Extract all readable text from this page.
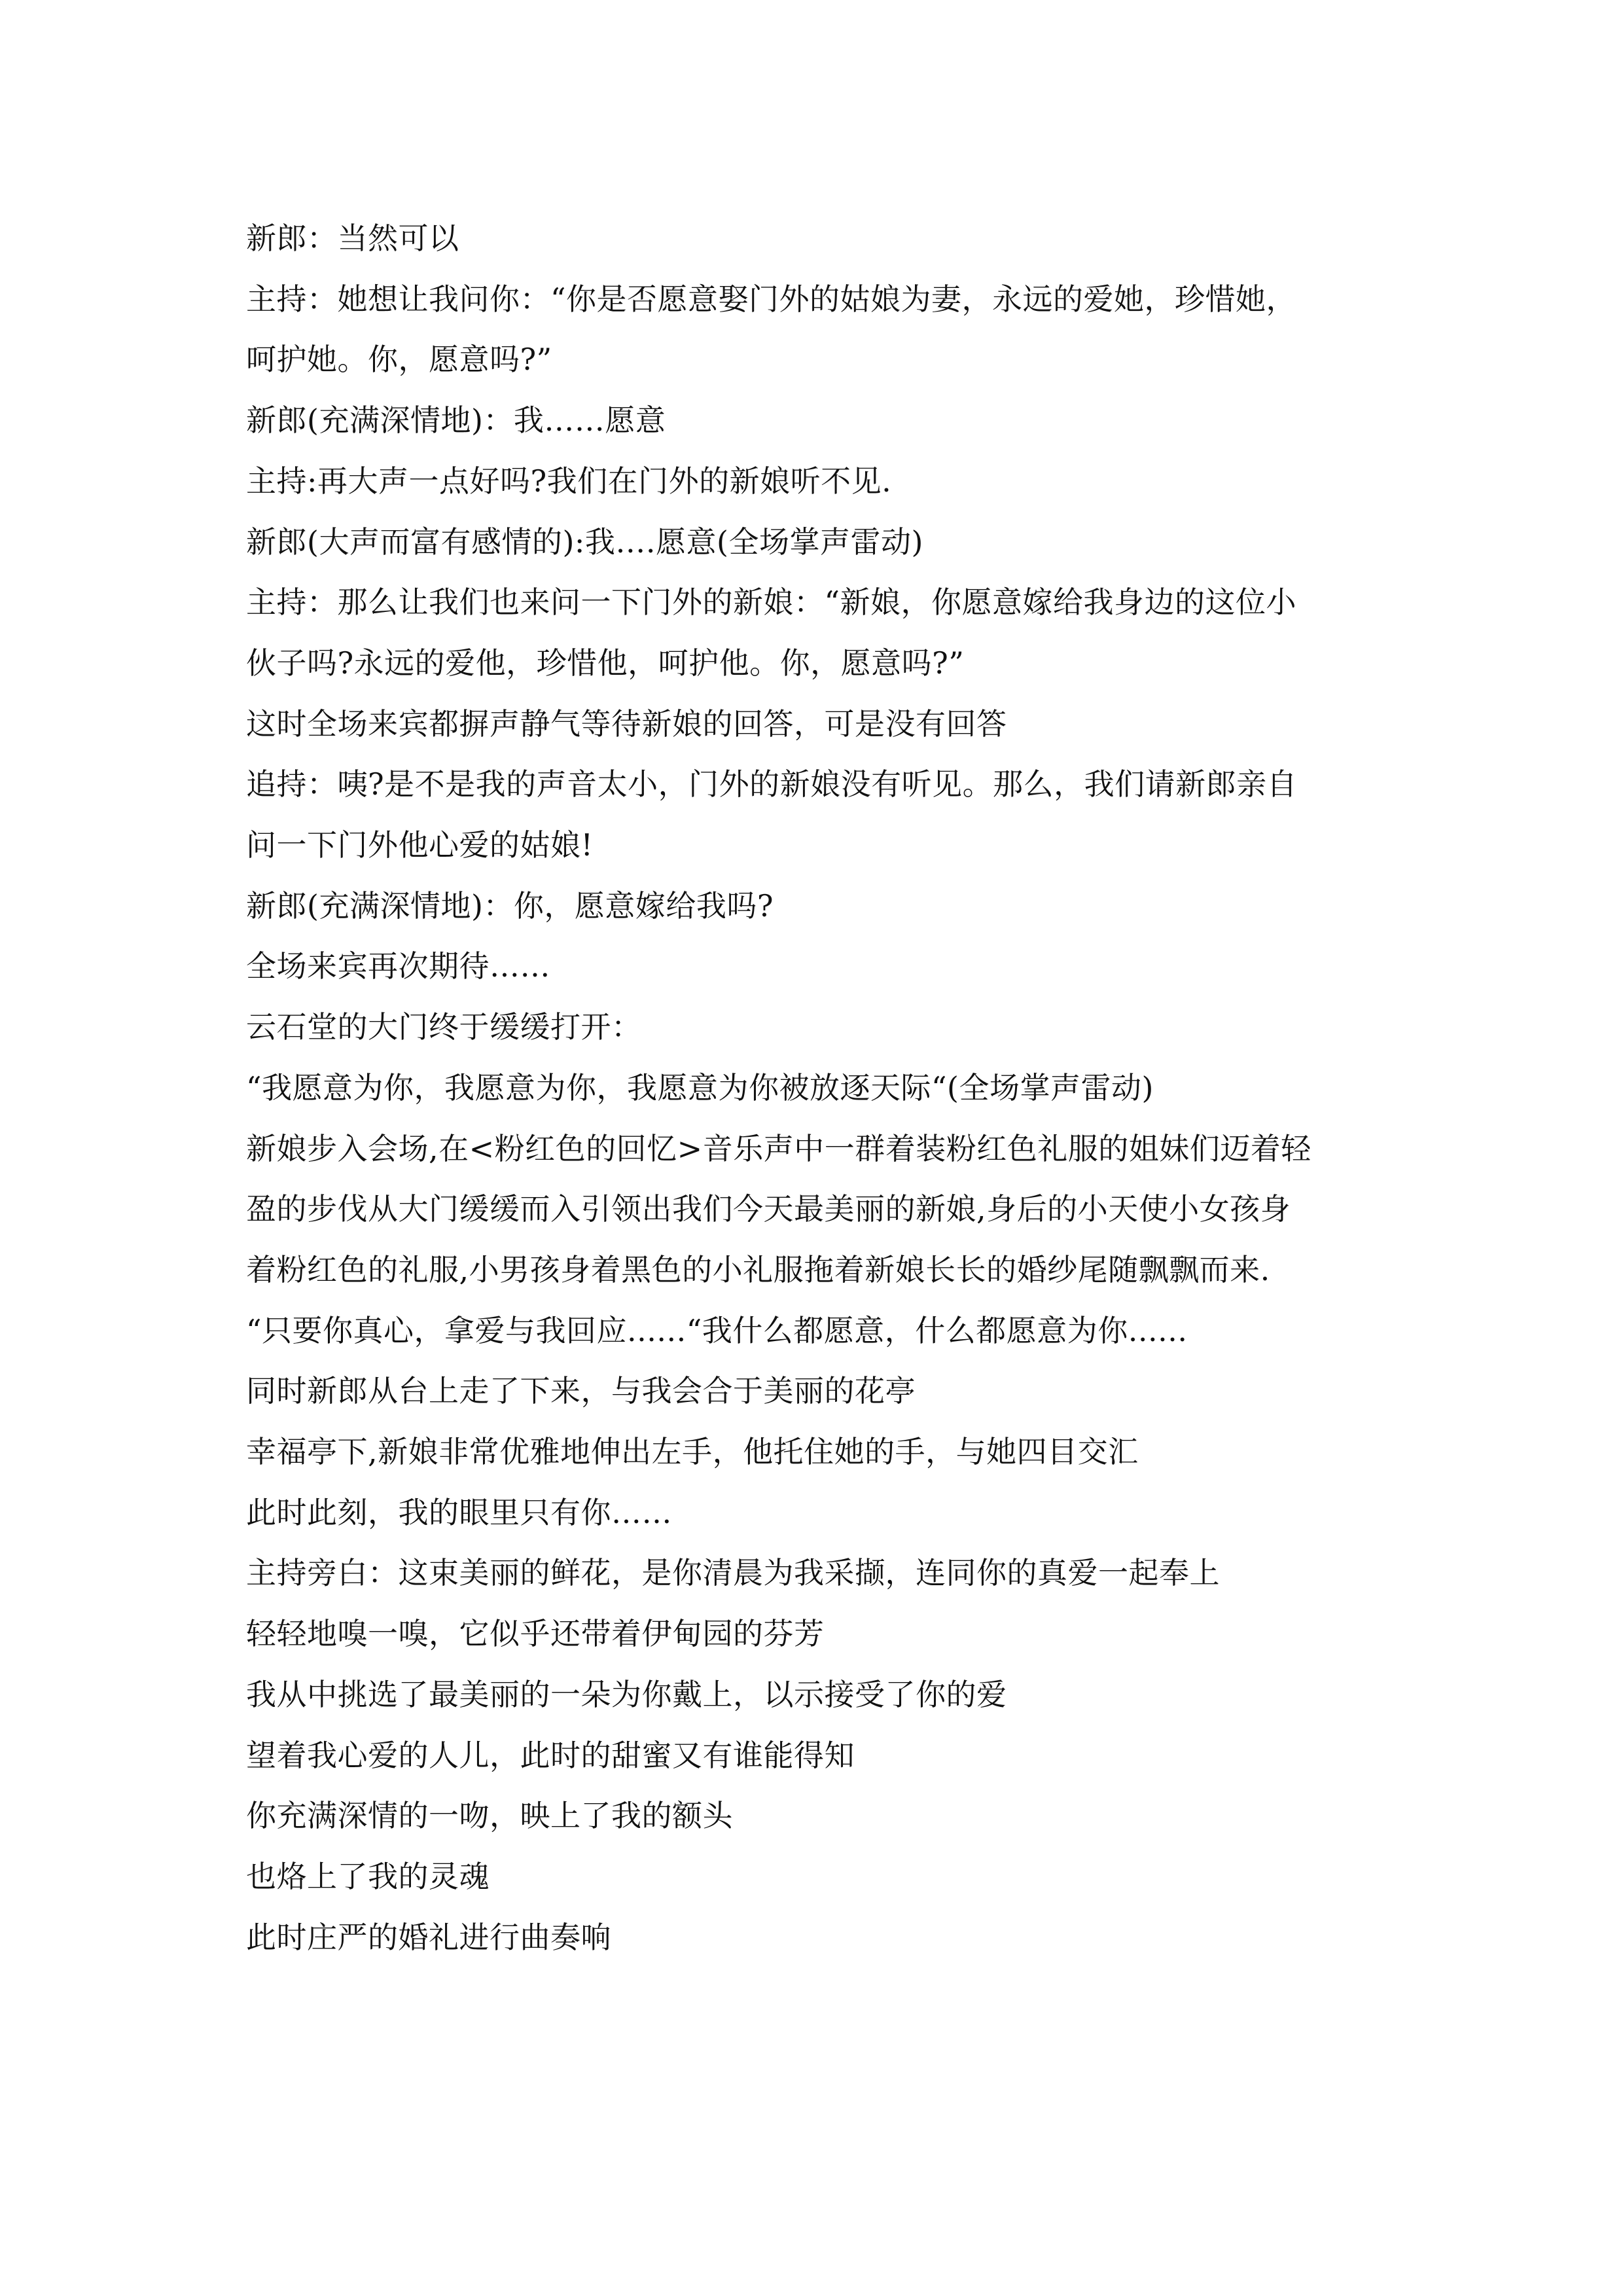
新郎：当然可以
主持：她想让我问你：“你是否愿意娶门外的姑娘为妻，永远的爱她，珍惜她，
呵护她。你，愿意吗?”
新郎(充满深情地)：我……愿意
主持:再大声一点好吗?我们在门外的新娘听不见.
新郎(大声而富有感情的):我….愿意(全场掌声雷动)
主持：那么让我们也来问一下门外的新娘：“新娘，你愿意嫁给我身边的这位小
伙子吗?永远的爱他，珍惜他，呵护他。你，愿意吗?”
这时全场来宾都摒声静气等待新娘的回答，可是没有回答
追持：咦?是不是我的声音太小，门外的新娘没有听见。那么，我们请新郎亲自
问一下门外他心爱的姑娘!
新郎(充满深情地)：你，愿意嫁给我吗?
全场来宾再次期待……
云石堂的大门终于缓缓打开：
“我愿意为你，我愿意为你，我愿意为你被放逐天际“(全场掌声雷动)
新娘步入会场,在<粉红色的回忆>音乐声中一群着装粉红色礼服的姐妹们迈着轻
盈的步伐从大门缓缓而入引领出我们今天最美丽的新娘,身后的小天使小女孩身
着粉红色的礼服,小男孩身着黑色的小礼服拖着新娘长长的婚纱尾随飘飘而来.
“只要你真心，拿爱与我回应......“我什么都愿意，什么都愿意为你......
同时新郎从台上走了下来，与我会合于美丽的花亭
幸福亭下,新娘非常优雅地伸出左手，他托住她的手，与她四目交汇
此时此刻，我的眼里只有你……
主持旁白：这束美丽的鲜花，是你清晨为我采撷，连同你的真爱一起奉上
轻轻地嗅一嗅，它似乎还带着伊甸园的芬芳
我从中挑选了最美丽的一朵为你戴上，以示接受了你的爱
望着我心爱的人儿，此时的甜蜜又有谁能得知
你充满深情的一吻，映上了我的额头
也烙上了我的灵魂
此时庄严的婚礼进行曲奏响
